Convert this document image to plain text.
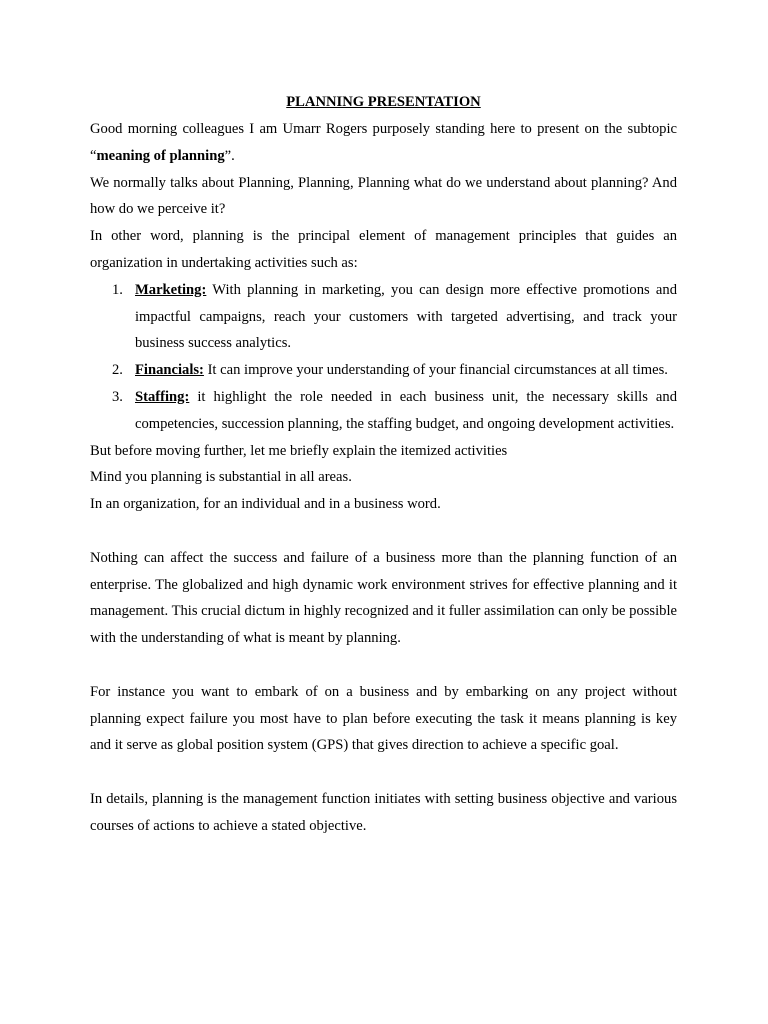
PLANNING PRESENTATION

Good morning colleagues I am Umarr Rogers purposely standing here to present on the subtopic

“meaning of planning”.

We normally talks about Planning, Planning, Planning what do we understand about planning? And how do we perceive it?

In other word, planning is the principal element of management principles that guides an organization in undertaking activities such as:

1. Marketing: With planning in marketing, you can design more effective promotions and impactful campaigns, reach your customers with targeted advertising, and track your business success analytics.
2. Financials: It can improve your understanding of your financial circumstances at all times.
3. Staffing: it highlight the role needed in each business unit, the necessary skills and competencies, succession planning, the staffing budget, and ongoing development activities.

But before moving further, let me briefly explain the itemized activities

Mind you planning is substantial in all areas.

In an organization, for an individual and in a business word.

Nothing can affect the success and failure of a business more than the planning function of an enterprise. The globalized and high dynamic work environment strives for effective planning and it management. This crucial dictum in highly recognized and it fuller assimilation can only be possible with the understanding of what is meant by planning.

For instance you want to embark of on a business and by embarking on any project without planning expect failure you most have to plan before executing the task it means planning is key and it serve as global position system (GPS) that gives direction to achieve a specific goal.

In details, planning is the management function initiates with setting business objective and various courses of actions to achieve a stated objective.
